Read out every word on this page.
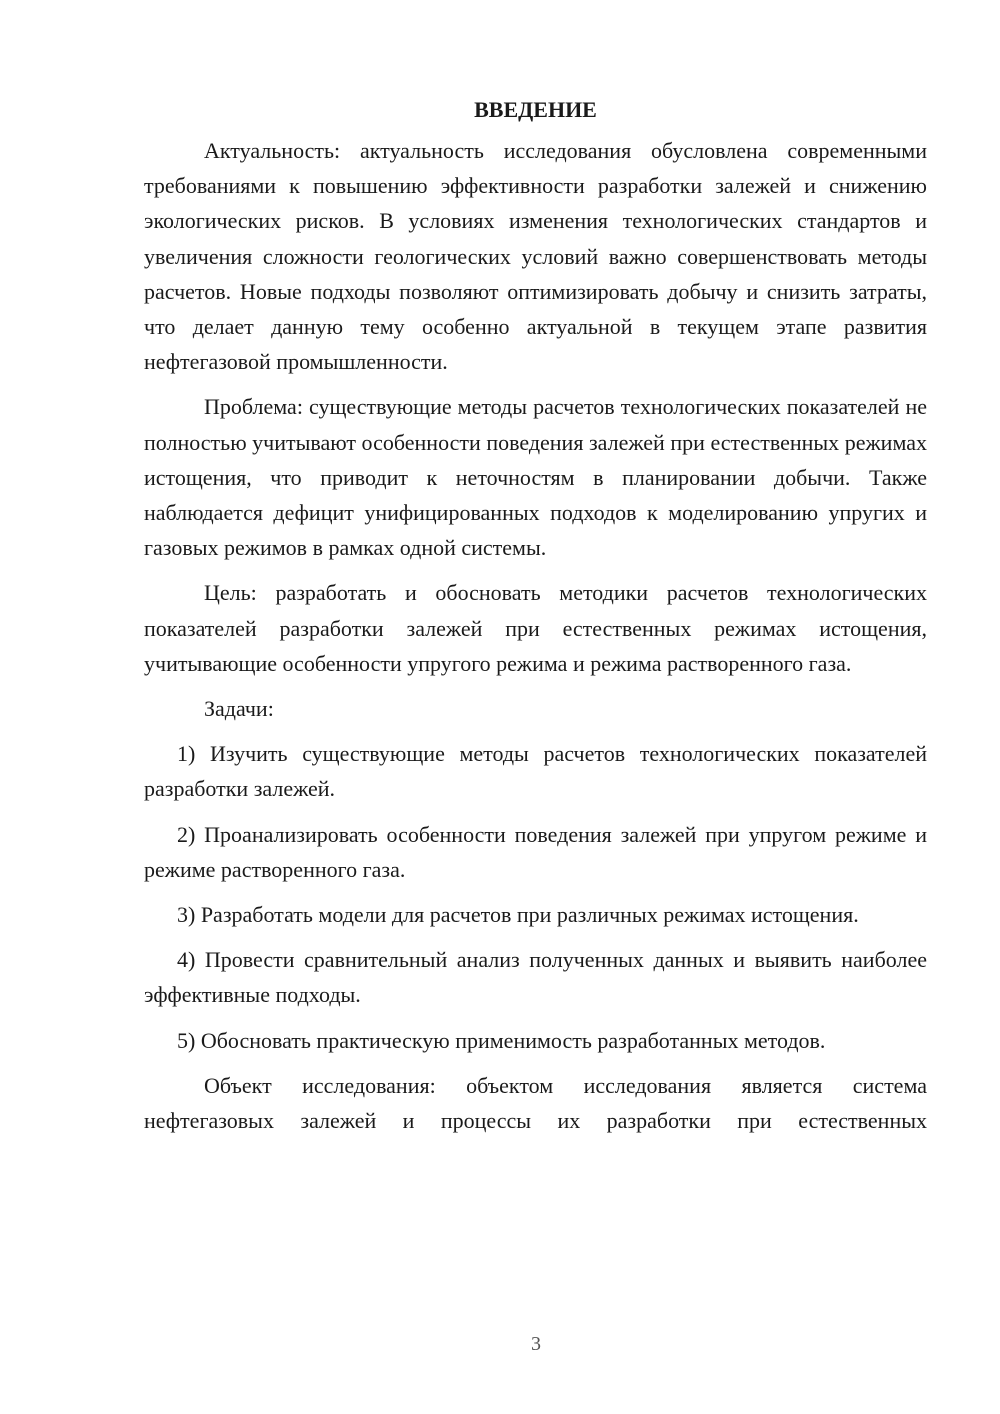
ВВЕДЕНИЕ

Актуальность: актуальность исследования обусловлена современными требованиями к повышению эффективности разработки залежей и снижению экологических рисков. В условиях изменения технологических стандартов и увеличения сложности геологических условий важно совершенствовать методы расчетов. Новые подходы позволяют оптимизировать добычу и снизить затраты, что делает данную тему особенно актуальной в текущем этапе развития нефтегазовой промышленности.

Проблема: существующие методы расчетов технологических показателей не полностью учитывают особенности поведения залежей при естественных режимах истощения, что приводит к неточностям в планировании добычи. Также наблюдается дефицит унифицированных подходов к моделированию упругих и газовых режимов в рамках одной системы.

Цель: разработать и обосновать методики расчетов технологических показателей разработки залежей при естественных режимах истощения, учитывающие особенности упругого режима и режима растворенного газа.

Задачи:

1) Изучить существующие методы расчетов технологических показателей разработки залежей.

2) Проанализировать особенности поведения залежей при упругом режиме и режиме растворенного газа.

3) Разработать модели для расчетов при различных режимах истощения.

4) Провести сравнительный анализ полученных данных и выявить наиболее эффективные подходы.

5) Обосновать практическую применимость разработанных методов.

Объект исследования: объектом исследования является система нефтегазовых залежей и процессы их разработки при естественных

3
